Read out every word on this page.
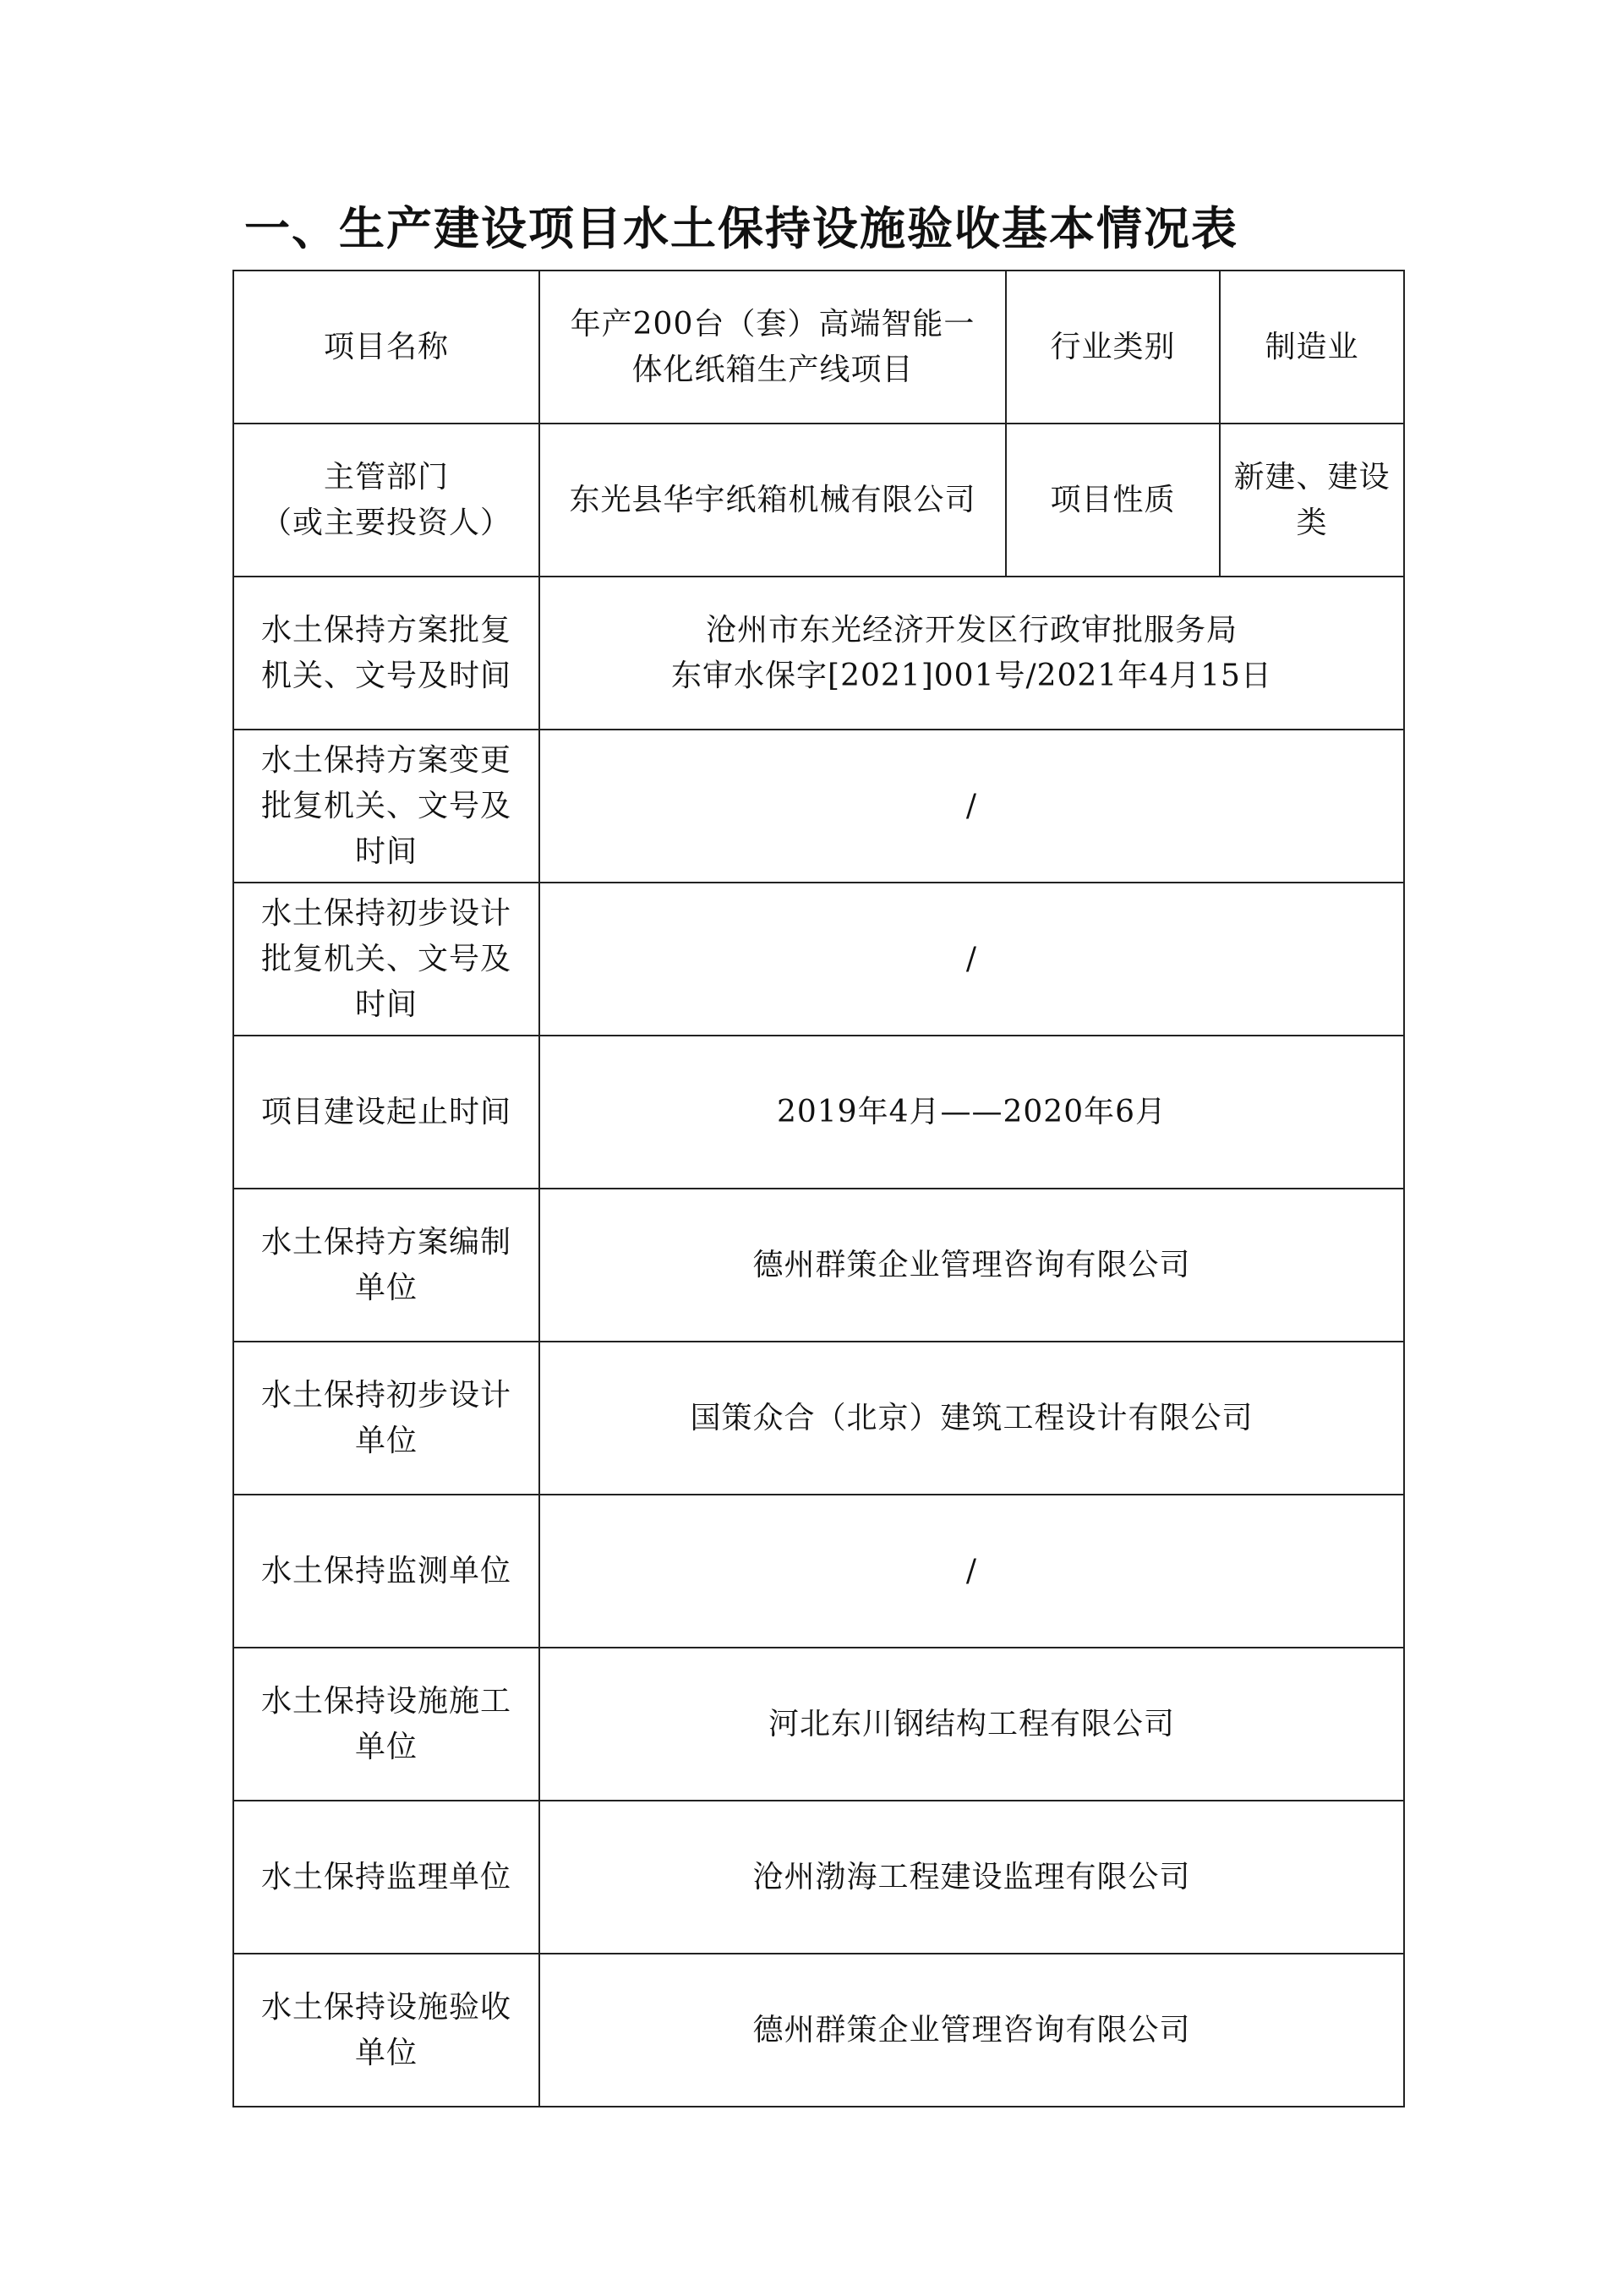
一、生产建设项目水土保持设施验收基本情况表
项目名称	年产200台（套）高端智能一体化纸箱生产线项目	行业类别	制造业

主管部门
（或主要投资人）	东光县华宇纸箱机械有限公司	项目性质	新建、建设类
水土保持方案批复机关、文号及时间	沧州市东光经济开发区行政审批服务局
东审水保字[2021]001号/2021年4月15日		

水土保持方案变更批复机关、文号及时间	/		
水土保持初步设计批复机关、文号及时间	/		
项目建设起止时间	2019年4月——2020年6月		
水土保持方案编制单位	德州群策企业管理咨询有限公司		
水土保持初步设计单位	国策众合（北京）建筑工程设计有限公司		
水土保持监测单位	/		
水土保持设施施工单位	河北东川钢结构工程有限公司		
水土保持监理单位	沧州渤海工程建设监理有限公司		
水土保持设施验收单位	德州群策企业管理咨询有限公司		
